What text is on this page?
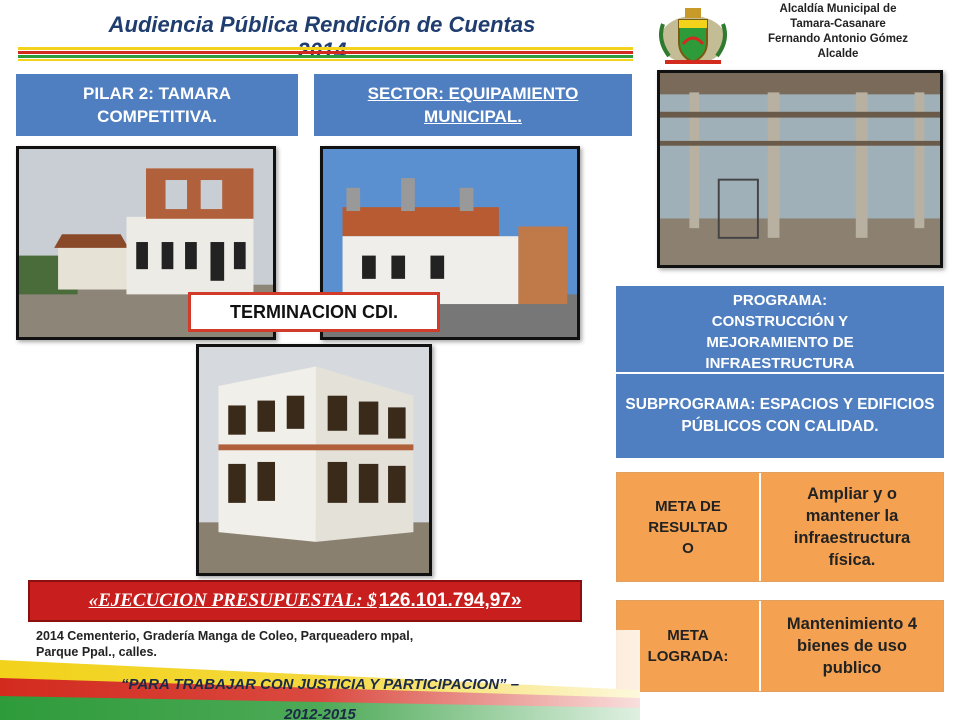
Audiencia Pública Rendición de Cuentas
Alcaldía Municipal de
Tamara-Casanare
Fernando Antonio Gómez
Alcalde
PILAR 2: TAMARA
COMPETITIVA.
SECTOR: EQUIPAMIENTO
MUNICIPAL.
TERMINACION CDI.
PROGRAMA:
CONSTRUCCIÓN Y
MEJORAMIENTO DE
INFRAESTRUCTURA
SUBPROGRAMA: ESPACIOS Y EDIFICIOS PÚBLICOS CON CALIDAD.
META DE
RESULTAD
O
Ampliar y o mantener la infraestructura física.
META
LOGRADA:
Mantenimiento 4 bienes de uso publico
«EJECUCION PRESUPUESTAL: $ 126.101.794,97»
2014 Cementerio, Gradería Manga de Coleo, Parqueadero mpal,
Parque Ppal., calles.
“PARA TRABAJAR CON JUSTICIA Y PARTICIPACION” –
2012-2015
